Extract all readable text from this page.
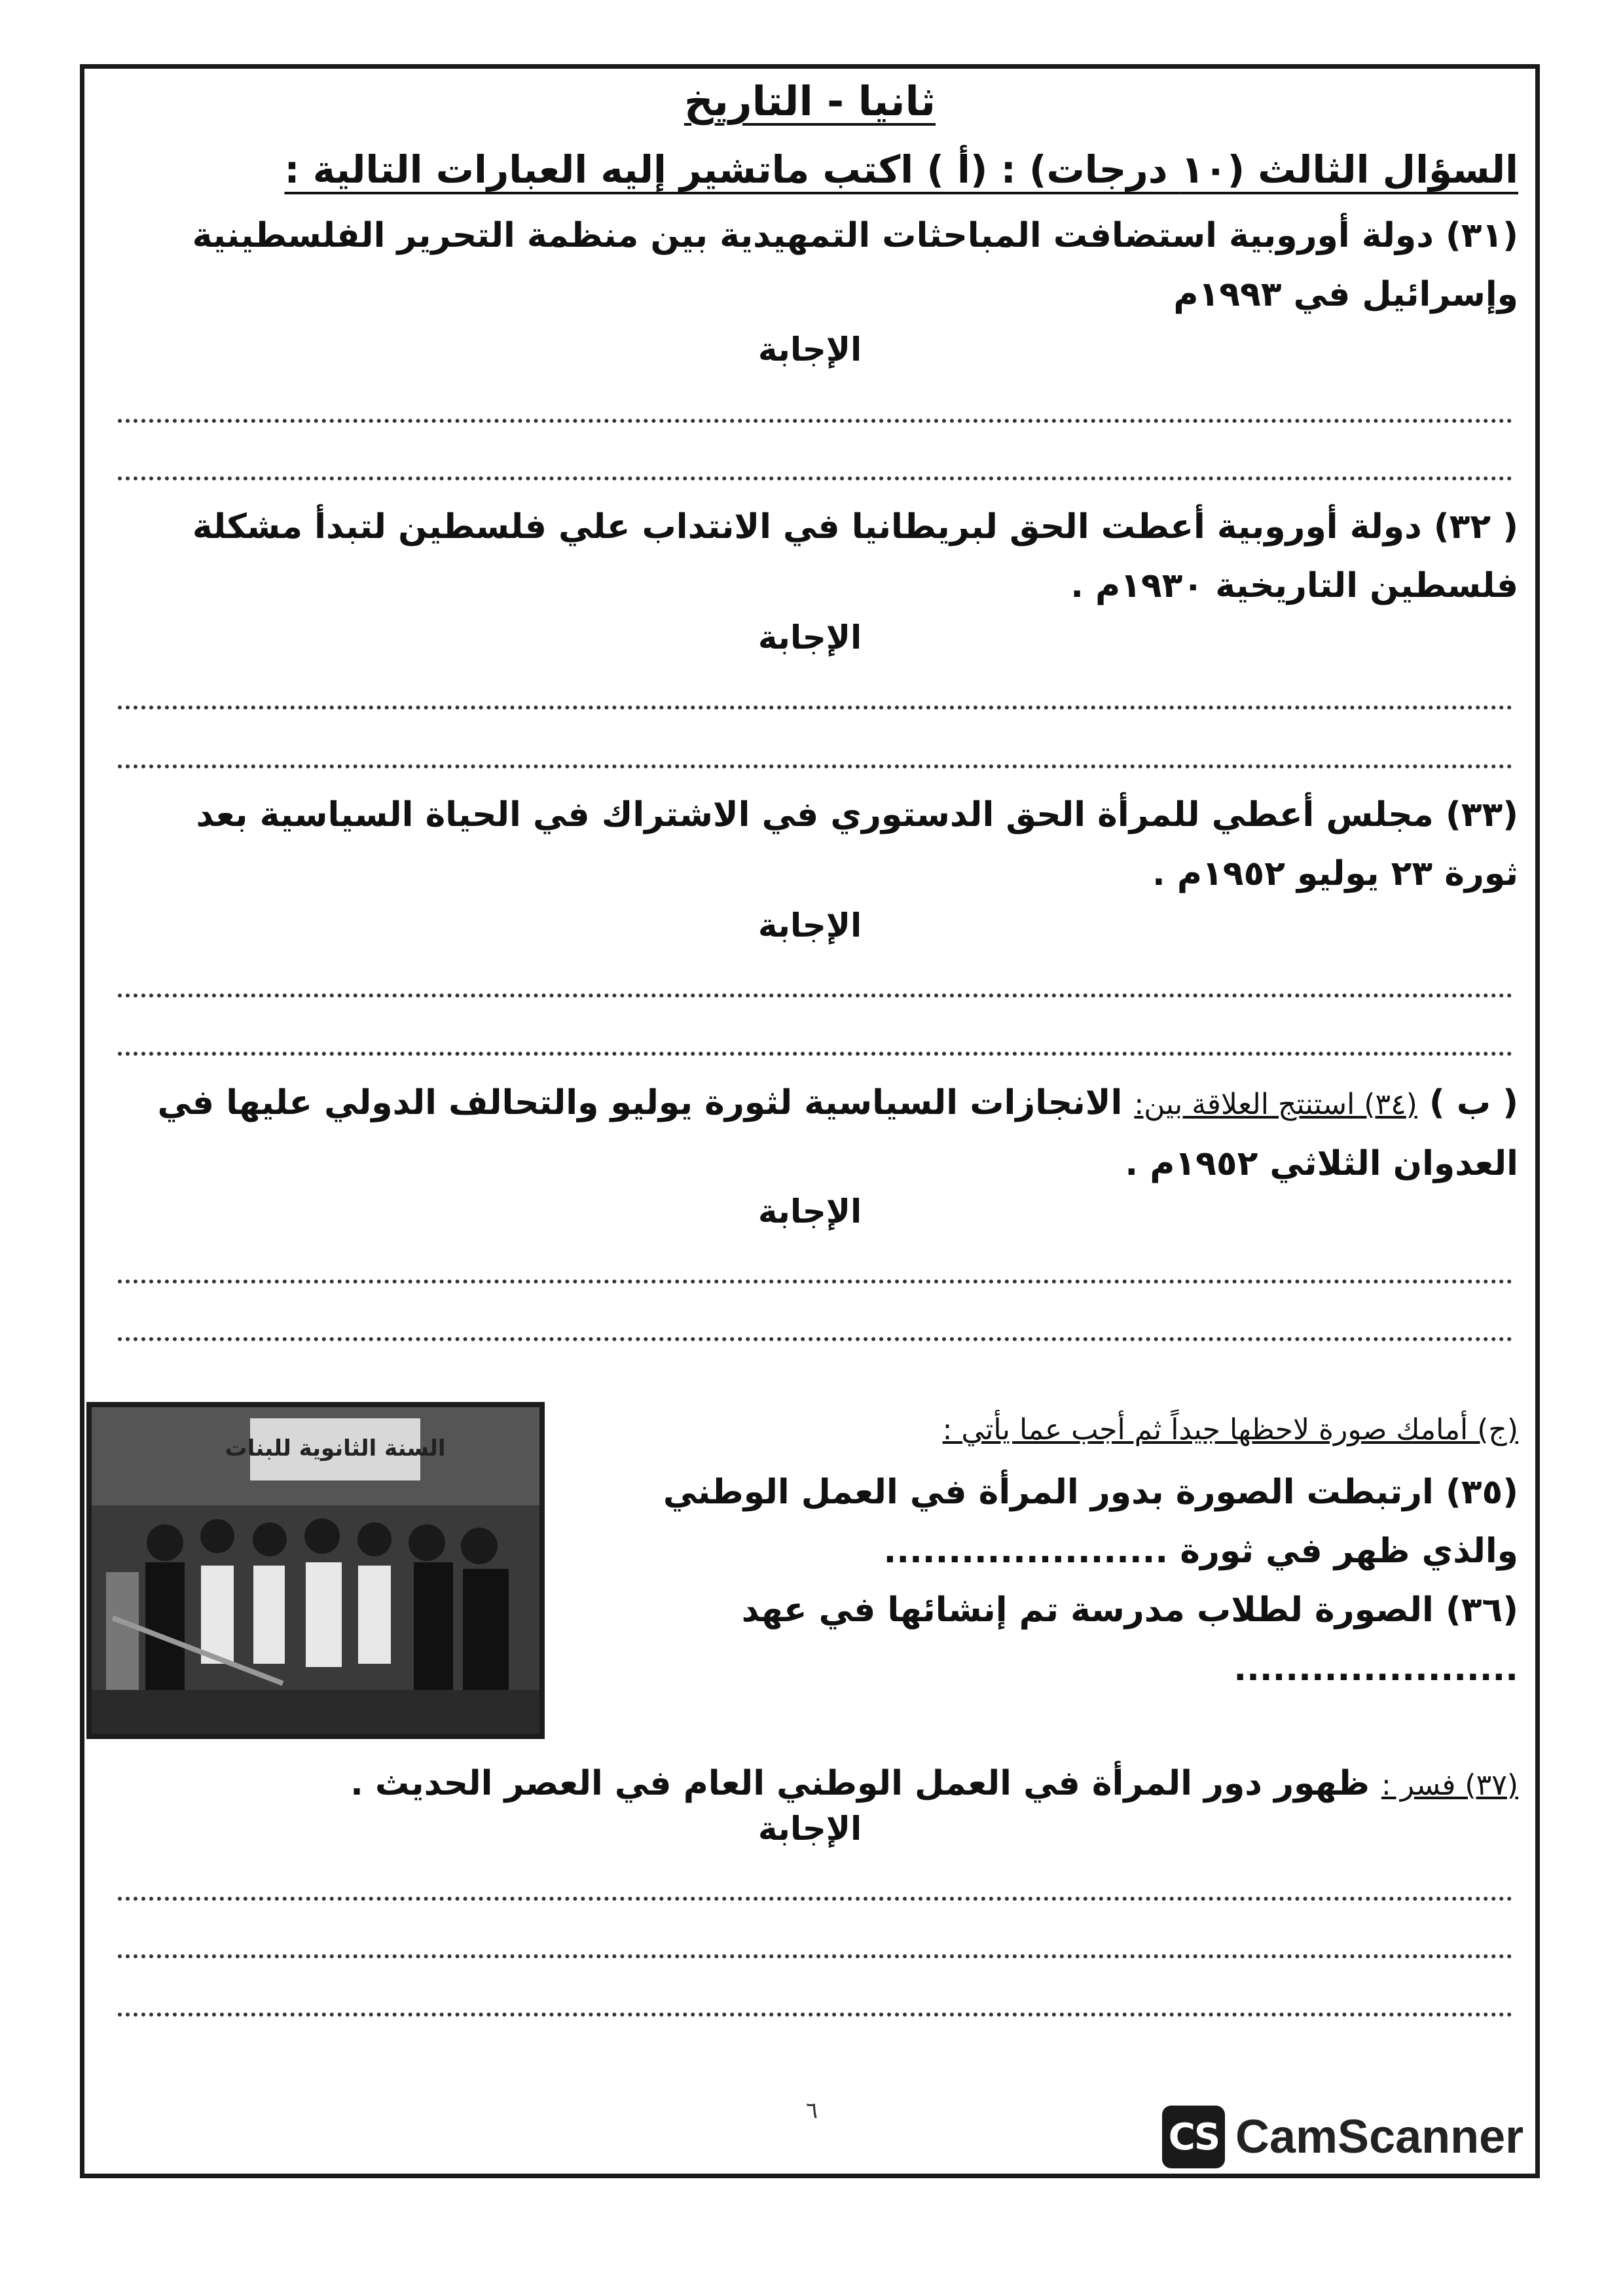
ثانيا - التاريخ
السؤال الثالث (١٠ درجات) : (أ ) اكتب ماتشير إليه العبارات التالية :
(٣١) دولة أوروبية استضافت المباحثات التمهيدية بين منظمة التحرير الفلسطينية وإسرائيل في ١٩٩٣م
الإجابة
( ٣٢) دولة أوروبية أعطت الحق لبريطانيا في الانتداب علي فلسطين لتبدأ مشكلة فلسطين التاريخية ١٩٣٠م .
الإجابة
(٣٣) مجلس أعطي للمرأة الحق الدستوري في الاشتراك في الحياة السياسية بعد ثورة ٢٣ يوليو ١٩٥٢م .
الإجابة
( ب ) (٣٤) استنتج العلاقة بين: الانجازات السياسية لثورة يوليو والتحالف الدولي عليها في العدوان الثلاثي ١٩٥٢م .
الإجابة
(ج) أمامك صورة لاحظها جيداً ثم أجب عما يأتي :
(٣٥) ارتبطت الصورة بدور المرأة في العمل الوطني والذي ظهر في ثورة ......................
(٣٦) الصورة لطلاب مدرسة تم إنشائها في عهد
......................
السنة الثانوية للبنات
(٣٧) فسر : ظهور دور المرأة في العمل الوطني العام في العصر الحديث .
الإجابة
٦
CS CamScanner
